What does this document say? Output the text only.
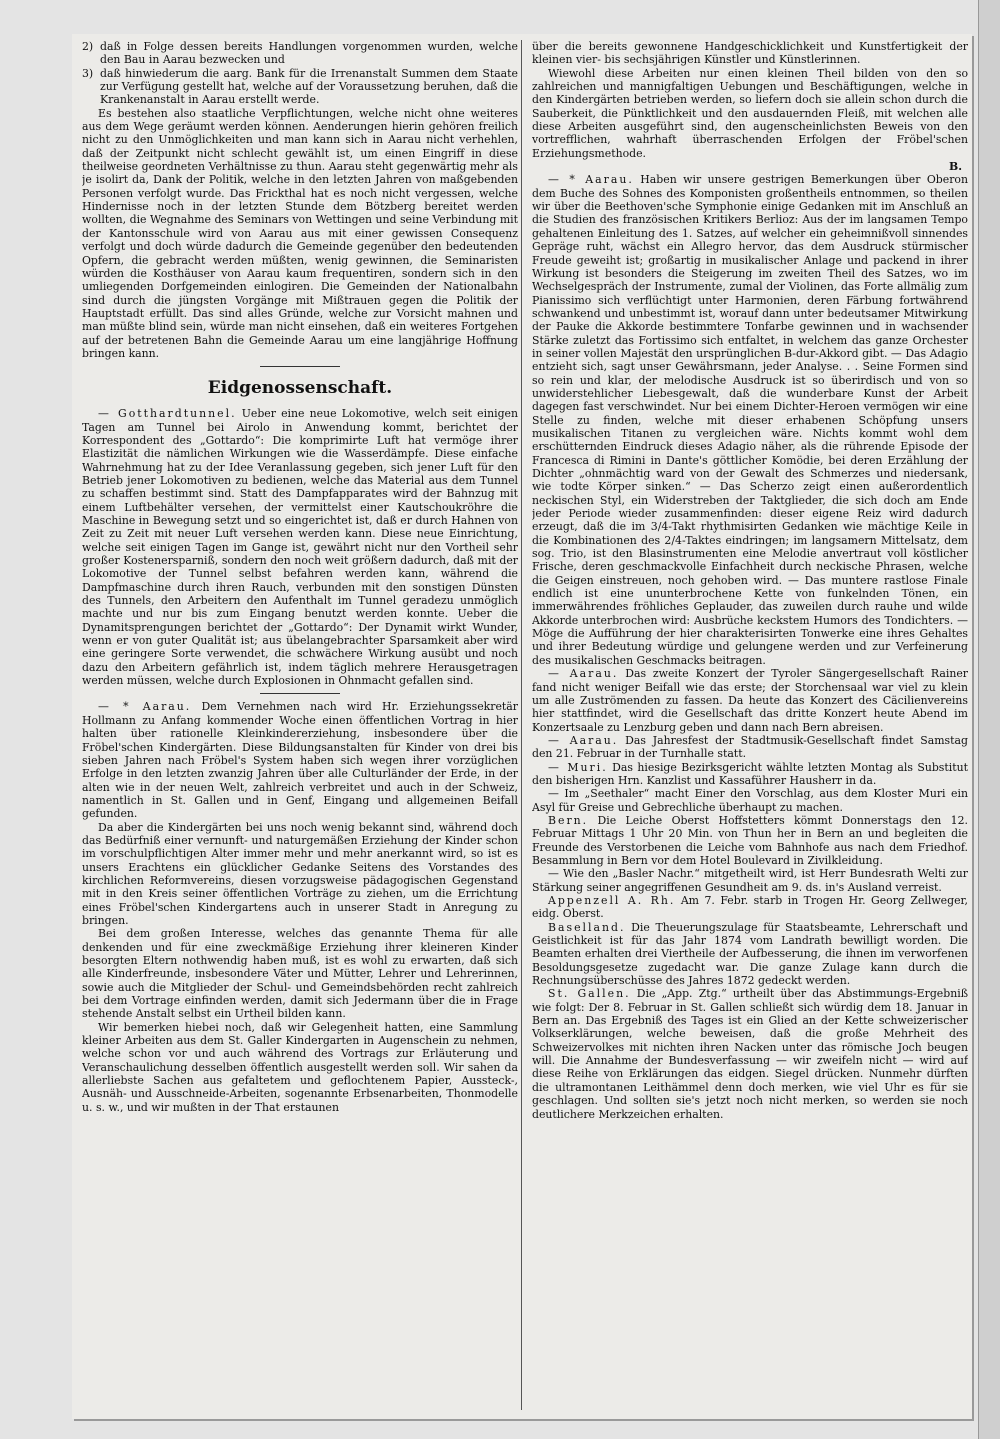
2) daß in Folge dessen bereits Handlungen vorgenommen wurden, welche den Bau in Aarau bezwecken und

3) daß hinwiederum die aarg. Bank für die Irrenanstalt Summen dem Staate zur Verfügung gestellt hat, welche auf der Voraussetzung beruhen, daß die Krankenanstalt in Aarau erstellt werde.

Es bestehen also staatliche Verpflichtungen, welche nicht ohne weiteres aus dem Wege geräumt werden können. Aenderungen hierin gehören freilich nicht zu den Unmöglichkeiten und man kann sich in Aarau nicht verhehlen, daß der Zeitpunkt nicht schlecht gewählt ist, um einen Eingriff in diese theilweise geordneten Verhältnisse zu thun. Aarau steht gegenwärtig mehr als je isolirt da, Dank der Politik, welche in den letzten Jahren von maßgebenden Personen verfolgt wurde. Das Frickthal hat es noch nicht vergessen, welche Hindernisse noch in der letzten Stunde dem Bötzberg bereitet werden wollten, die Wegnahme des Seminars von Wettingen und seine Verbindung mit der Kantonsschule wird von Aarau aus mit einer gewissen Consequenz verfolgt und doch würde dadurch die Gemeinde gegenüber den bedeutenden Opfern, die gebracht werden müßten, wenig gewinnen, die Seminaristen würden die Kosthäuser von Aarau kaum frequentiren, sondern sich in den umliegenden Dorfgemeinden einlogiren. Die Gemeinden der Nationalbahn sind durch die jüngsten Vorgänge mit Mißtrauen gegen die Politik der Hauptstadt erfüllt. Das sind alles Gründe, welche zur Vorsicht mahnen und man müßte blind sein, würde man nicht einsehen, daß ein weiteres Fortgehen auf der betretenen Bahn die Gemeinde Aarau um eine langjährige Hoffnung bringen kann.

Eidgenossenschaft.

— Gotthardtunnel. Ueber eine neue Lokomotive, welch seit einigen Tagen am Tunnel bei Airolo in Anwendung kommt, berichtet der Korrespondent des „Gottardo“: Die komprimirte Luft hat vermöge ihrer Elastizität die nämlichen Wirkungen wie die Wasserdämpfe. Diese einfache Wahrnehmung hat zu der Idee Veranlassung gegeben, sich jener Luft für den Betrieb jener Lokomotiven zu bedienen, welche das Material aus dem Tunnel zu schaffen bestimmt sind. Statt des Dampfapparates wird der Bahnzug mit einem Luftbehälter versehen, der vermittelst einer Kautschoukröhre die Maschine in Bewegung setzt und so eingerichtet ist, daß er durch Hahnen von Zeit zu Zeit mit neuer Luft versehen werden kann. Diese neue Einrichtung, welche seit einigen Tagen im Gange ist, gewährt nicht nur den Vortheil sehr großer Kostenersparniß, sondern den noch weit größern dadurch, daß mit der Lokomotive der Tunnel selbst befahren werden kann, während die Dampfmaschine durch ihren Rauch, verbunden mit den sonstigen Dünsten des Tunnels, den Arbeitern den Aufenthalt im Tunnel geradezu unmöglich machte und nur bis zum Eingang benutzt werden konnte. Ueber die Dynamitsprengungen berichtet der „Gottardo“: Der Dynamit wirkt Wunder, wenn er von guter Qualität ist; aus übelangebrachter Sparsamkeit aber wird eine geringere Sorte verwendet, die schwächere Wirkung ausübt und noch dazu den Arbeitern gefährlich ist, indem täglich mehrere Herausgetragen werden müssen, welche durch Explosionen in Ohnmacht gefallen sind.

— * Aarau. Dem Vernehmen nach wird Hr. Erziehungssekretär Hollmann zu Anfang kommender Woche einen öffentlichen Vortrag in hier halten über rationelle Kleinkindererziehung, insbesondere über die Fröbel'schen Kindergärten. Diese Bildungsanstalten für Kinder von drei bis sieben Jahren nach Fröbel's System haben sich wegen ihrer vorzüglichen Erfolge in den letzten zwanzig Jahren über alle Culturländer der Erde, in der alten wie in der neuen Welt, zahlreich verbreitet und auch in der Schweiz, namentlich in St. Gallen und in Genf, Eingang und allgemeinen Beifall gefunden.

Da aber die Kindergärten bei uns noch wenig bekannt sind, während doch das Bedürfniß einer vernunft- und naturgemäßen Erziehung der Kinder schon im vorschulpflichtigen Alter immer mehr und mehr anerkannt wird, so ist es unsers Erachtens ein glücklicher Gedanke Seitens des Vorstandes des kirchlichen Reformvereins, diesen vorzugsweise pädagogischen Gegenstand mit in den Kreis seiner öffentlichen Vorträge zu ziehen, um die Errichtung eines Fröbel'schen Kindergartens auch in unserer Stadt in Anregung zu bringen.

Bei dem großen Interesse, welches das genannte Thema für alle denkenden und für eine zweckmäßige Erziehung ihrer kleineren Kinder besorgten Eltern nothwendig haben muß, ist es wohl zu erwarten, daß sich alle Kinderfreunde, insbesondere Väter und Mütter, Lehrer und Lehrerinnen, sowie auch die Mitglieder der Schul- und Gemeindsbehörden recht zahlreich bei dem Vortrage einfinden werden, damit sich Jedermann über die in Frage stehende Anstalt selbst ein Urtheil bilden kann.

Wir bemerken hiebei noch, daß wir Gelegenheit hatten, eine Sammlung kleiner Arbeiten aus dem St. Galler Kindergarten in Augenschein zu nehmen, welche schon vor und auch während des Vortrags zur Erläuterung und Veranschaulichung desselben öffentlich ausgestellt werden soll. Wir sahen da allerliebste Sachen aus gefaltetem und geflochtenem Papier, Aussteck-, Ausnäh- und Ausschneide-Arbeiten, sogenannte Erbsenarbeiten, Thonmodelle u. s. w., und wir mußten in der That erstaunen

über die bereits gewonnene Handgeschicklichkeit und Kunstfertigkeit der kleinen vier- bis sechsjährigen Künstler und Künstlerinnen.

Wiewohl diese Arbeiten nur einen kleinen Theil bilden von den so zahlreichen und mannigfaltigen Uebungen und Beschäftigungen, welche in den Kindergärten betrieben werden, so liefern doch sie allein schon durch die Sauberkeit, die Pünktlichkeit und den ausdauernden Fleiß, mit welchen alle diese Arbeiten ausgeführt sind, den augenscheinlichsten Beweis von den vortrefflichen, wahrhaft überraschenden Erfolgen der Fröbel'schen Erziehungsmethode.

B.

— * Aarau. Haben wir unsere gestrigen Bemerkungen über Oberon dem Buche des Sohnes des Komponisten großentheils entnommen, so theilen wir über die Beethoven'sche Symphonie einige Gedanken mit im Anschluß an die Studien des französischen Kritikers Berlioz: Aus der im langsamen Tempo gehaltenen Einleitung des 1. Satzes, auf welcher ein geheimnißvoll sinnendes Gepräge ruht, wächst ein Allegro hervor, das dem Ausdruck stürmischer Freude geweiht ist; großartig in musikalischer Anlage und packend in ihrer Wirkung ist besonders die Steigerung im zweiten Theil des Satzes, wo im Wechselgespräch der Instrumente, zumal der Violinen, das Forte allmälig zum Pianissimo sich verflüchtigt unter Harmonien, deren Färbung fortwährend schwankend und unbestimmt ist, worauf dann unter bedeutsamer Mitwirkung der Pauke die Akkorde bestimmtere Tonfarbe gewinnen und in wachsender Stärke zuletzt das Fortissimo sich entfaltet, in welchem das ganze Orchester in seiner vollen Majestät den ursprünglichen B-dur-Akkord gibt. — Das Adagio entzieht sich, sagt unser Gewährsmann, jeder Analyse. . . Seine Formen sind so rein und klar, der melodische Ausdruck ist so überirdisch und von so unwiderstehlicher Liebesgewalt, daß die wunderbare Kunst der Arbeit dagegen fast verschwindet. Nur bei einem Dichter-Heroen vermögen wir eine Stelle zu finden, welche mit dieser erhabenen Schöpfung unsers musikalischen Titanen zu vergleichen wäre. Nichts kommt wohl dem erschütternden Eindruck dieses Adagio näher, als die rührende Episode der Francesca di Rimini in Dante's göttlicher Komödie, bei deren Erzählung der Dichter „ohnmächtig ward von der Gewalt des Schmerzes und niedersank, wie todte Körper sinken.“ — Das Scherzo zeigt einen außerordentlich neckischen Styl, ein Widerstreben der Taktglieder, die sich doch am Ende jeder Periode wieder zusammenfinden: dieser eigene Reiz wird dadurch erzeugt, daß die im 3/4-Takt rhythmisirten Gedanken wie mächtige Keile in die Kombinationen des 2/4-Taktes eindringen; im langsamern Mittelsatz, dem sog. Trio, ist den Blasinstrumenten eine Melodie anvertraut voll köstlicher Frische, deren geschmackvolle Einfachheit durch neckische Phrasen, welche die Geigen einstreuen, noch gehoben wird. — Das muntere rastlose Finale endlich ist eine ununterbrochene Kette von funkelnden Tönen, ein immerwährendes fröhliches Geplauder, das zuweilen durch rauhe und wilde Akkorde unterbrochen wird: Ausbrüche keckstem Humors des Tondichters. — Möge die Aufführung der hier charakterisirten Tonwerke eine ihres Gehaltes und ihrer Bedeutung würdige und gelungene werden und zur Verfeinerung des musikalischen Geschmacks beitragen.

— Aarau. Das zweite Konzert der Tyroler Sängergesellschaft Rainer fand nicht weniger Beifall wie das erste; der Storchensaal war viel zu klein um alle Zuströmenden zu fassen. Da heute das Konzert des Cäcilienvereins hier stattfindet, wird die Gesellschaft das dritte Konzert heute Abend im Konzertsaale zu Lenzburg geben und dann nach Bern abreisen.

— Aarau. Das Jahresfest der Stadtmusik-Gesellschaft findet Samstag den 21. Februar in der Turnhalle statt.

— Muri. Das hiesige Bezirksgericht wählte letzten Montag als Substitut den bisherigen Hrn. Kanzlist und Kassaführer Hausherr in da.

— Im „Seethaler“ macht Einer den Vorschlag, aus dem Kloster Muri ein Asyl für Greise und Gebrechliche überhaupt zu machen.

Bern. Die Leiche Oberst Hoffstetters kömmt Donnerstags den 12. Februar Mittags 1 Uhr 20 Min. von Thun her in Bern an und begleiten die Freunde des Verstorbenen die Leiche vom Bahnhofe aus nach dem Friedhof. Besammlung in Bern vor dem Hotel Boulevard in Zivilkleidung.

— Wie den „Basler Nachr.“ mitgetheilt wird, ist Herr Bundesrath Welti zur Stärkung seiner angegriffenen Gesundheit am 9. ds. in's Ausland verreist.

Appenzell A. Rh. Am 7. Febr. starb in Trogen Hr. Georg Zellweger, eidg. Oberst.

Baselland. Die Theuerungszulage für Staatsbeamte, Lehrerschaft und Geistlichkeit ist für das Jahr 1874 vom Landrath bewilligt worden. Die Beamten erhalten drei Viertheile der Aufbesserung, die ihnen im verworfenen Besoldungsgesetze zugedacht war. Die ganze Zulage kann durch die Rechnungsüberschüsse des Jahres 1872 gedeckt werden.

St. Gallen. Die „App. Ztg.“ urtheilt über das Abstimmungs-Ergebniß wie folgt: Der 8. Februar in St. Gallen schließt sich würdig dem 18. Januar in Bern an. Das Ergebniß des Tages ist ein Glied an der Kette schweizerischer Volkserklärungen, welche beweisen, daß die große Mehrheit des Schweizervolkes mit nichten ihren Nacken unter das römische Joch beugen will. Die Annahme der Bundesverfassung — wir zweifeln nicht — wird auf diese Reihe von Erklärungen das eidgen. Siegel drücken. Nunmehr dürften die ultramontanen Leithämmel denn doch merken, wie viel Uhr es für sie geschlagen. Und sollten sie's jetzt noch nicht merken, so werden sie noch deutlichere Merkzeichen erhalten.
